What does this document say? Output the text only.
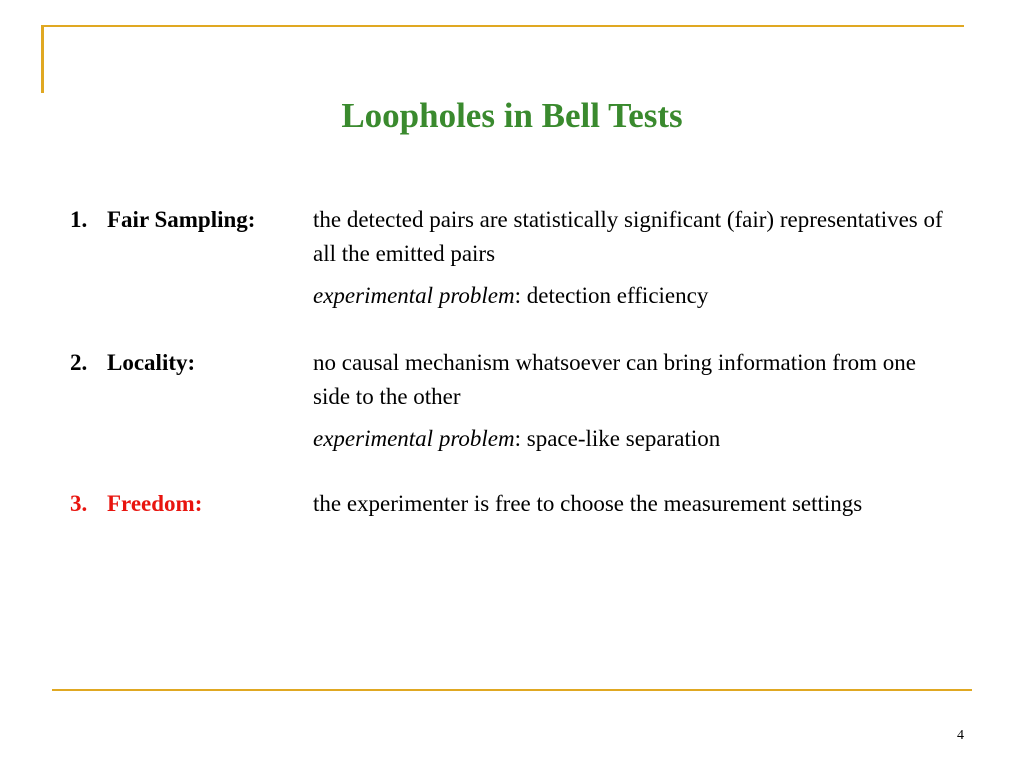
Loopholes in Bell Tests
1. Fair Sampling:	the detected pairs are statistically significant (fair) representatives of all the emitted pairs

experimental problem: detection efficiency

2. Locality:	no causal mechanism whatsoever can bring information from one side to the other

experimental problem: space-like separation

3. Freedom:	the experimenter is free to choose the measurement settings

4
